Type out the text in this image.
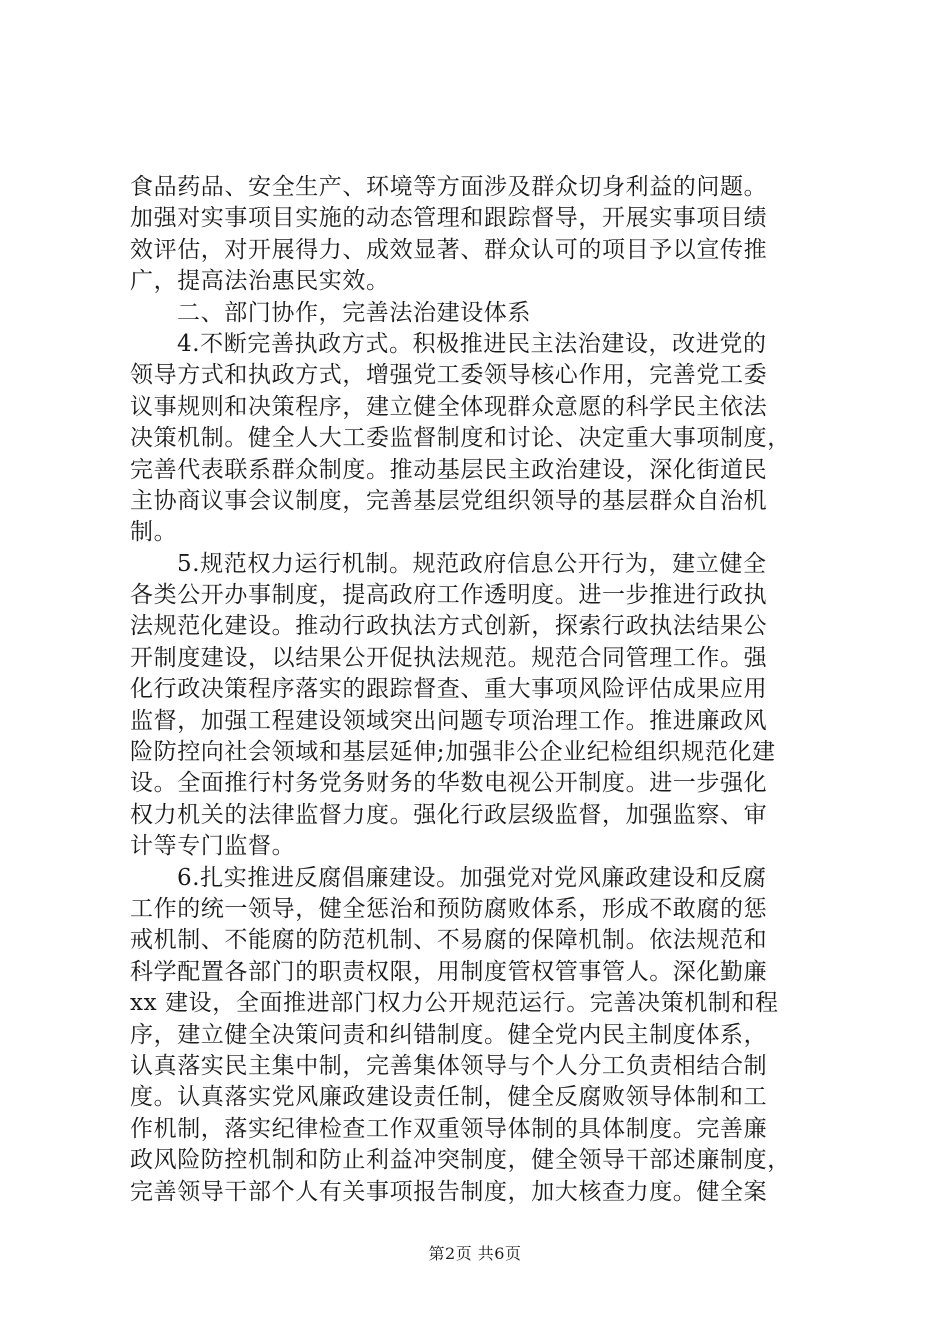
食品药品、安全生产、环境等方面涉及群众切身利益的问题。
加强对实事项目实施的动态管理和跟踪督导，开展实事项目绩
效评估，对开展得力、成效显著、群众认可的项目予以宣传推
广，提高法治惠民实效。
二、部门协作，完善法治建设体系
4.不断完善执政方式。积极推进民主法治建设，改进党的
领导方式和执政方式，增强党工委领导核心作用，完善党工委
议事规则和决策程序，建立健全体现群众意愿的科学民主依法
决策机制。健全人大工委监督制度和讨论、决定重大事项制度，
完善代表联系群众制度。推动基层民主政治建设，深化街道民
主协商议事会议制度，完善基层党组织领导的基层群众自治机
制。
5.规范权力运行机制。规范政府信息公开行为，建立健全
各类公开办事制度，提高政府工作透明度。进一步推进行政执
法规范化建设。推动行政执法方式创新，探索行政执法结果公
开制度建设，以结果公开促执法规范。规范合同管理工作。强
化行政决策程序落实的跟踪督查、重大事项风险评估成果应用
监督，加强工程建设领域突出问题专项治理工作。推进廉政风
险防控向社会领域和基层延伸;加强非公企业纪检组织规范化建
设。全面推行村务党务财务的华数电视公开制度。进一步强化
权力机关的法律监督力度。强化行政层级监督，加强监察、审
计等专门监督。
6.扎实推进反腐倡廉建设。加强党对党风廉政建设和反腐
工作的统一领导，健全惩治和预防腐败体系，形成不敢腐的惩
戒机制、不能腐的防范机制、不易腐的保障机制。依法规范和
科学配置各部门的职责权限，用制度管权管事管人。深化勤廉
xx 建设，全面推进部门权力公开规范运行。完善决策机制和程
序，建立健全决策问责和纠错制度。健全党内民主制度体系，
认真落实民主集中制，完善集体领导与个人分工负责相结合制
度。认真落实党风廉政建设责任制，健全反腐败领导体制和工
作机制，落实纪律检查工作双重领导体制的具体制度。完善廉
政风险防控机制和防止利益冲突制度，健全领导干部述廉制度，
完善领导干部个人有关事项报告制度，加大核查力度。健全案
第2页 共6页
